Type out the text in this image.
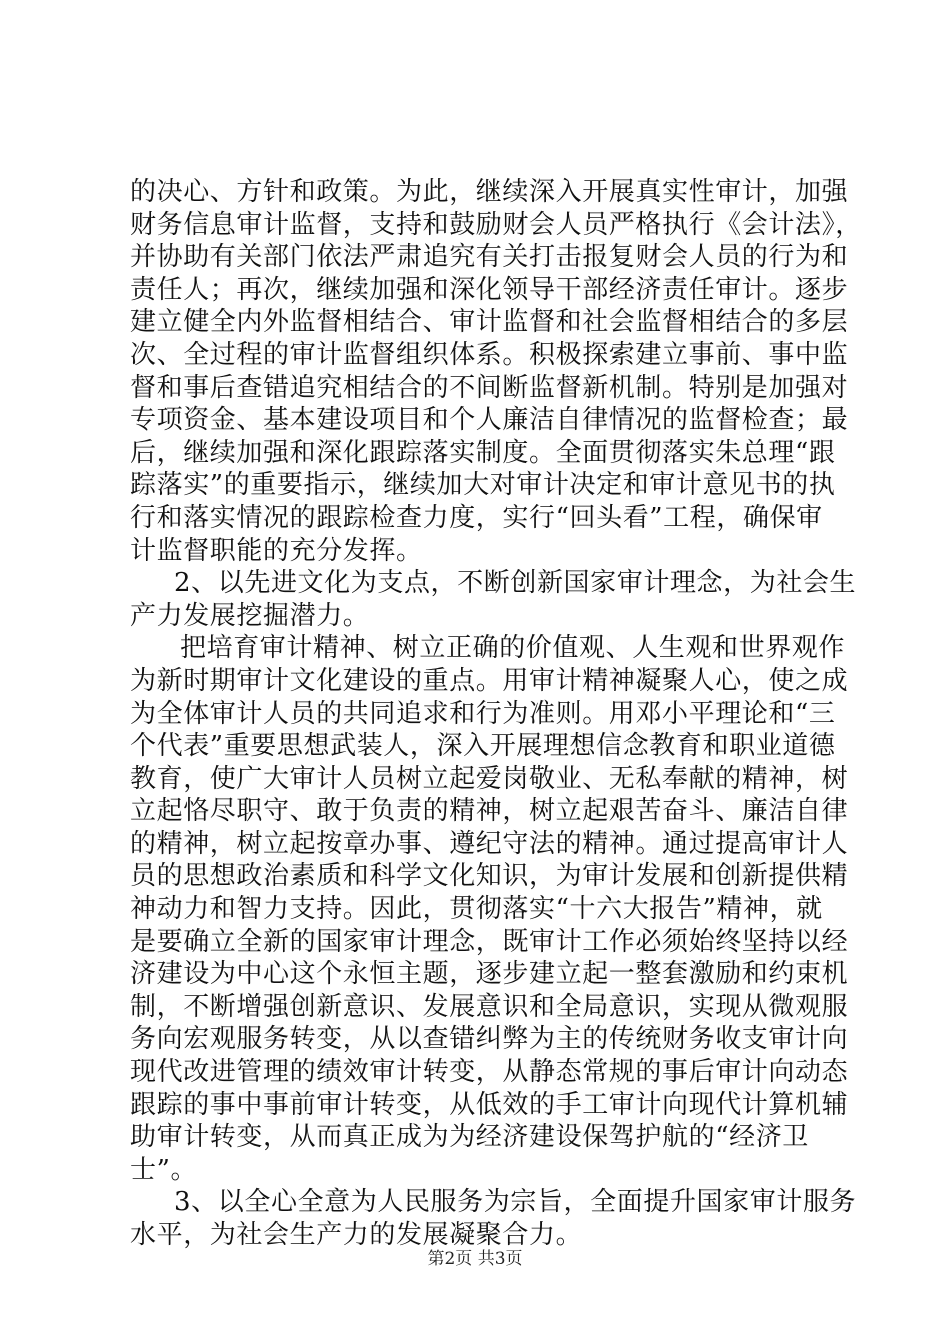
的决心、方针和政策。为此，继续深入开展真实性审计，加强
财务信息审计监督，支持和鼓励财会人员严格执行《会计法》，
并协助有关部门依法严肃追究有关打击报复财会人员的行为和
责任人；再次，继续加强和深化领导干部经济责任审计。逐步
建立健全内外监督相结合、审计监督和社会监督相结合的多层
次、全过程的审计监督组织体系。积极探索建立事前、事中监
督和事后查错追究相结合的不间断监督新机制。特别是加强对
专项资金、基本建设项目和个人廉洁自律情况的监督检查；最
后，继续加强和深化跟踪落实制度。全面贯彻落实朱总理“跟
踪落实”的重要指示，继续加大对审计决定和审计意见书的执
行和落实情况的跟踪检查力度，实行“回头看”工程，确保审
计监督职能的充分发挥。
2、以先进文化为支点，不断创新国家审计理念，为社会生
产力发展挖掘潜力。
把培育审计精神、树立正确的价值观、人生观和世界观作
为新时期审计文化建设的重点。用审计精神凝聚人心，使之成
为全体审计人员的共同追求和行为准则。用邓小平理论和“三
个代表”重要思想武装人，深入开展理想信念教育和职业道德
教育，使广大审计人员树立起爱岗敬业、无私奉献的精神，树
立起恪尽职守、敢于负责的精神，树立起艰苦奋斗、廉洁自律
的精神，树立起按章办事、遵纪守法的精神。通过提高审计人
员的思想政治素质和科学文化知识，为审计发展和创新提供精
神动力和智力支持。因此，贯彻落实“十六大报告”精神，就
是要确立全新的国家审计理念，既审计工作必须始终坚持以经
济建设为中心这个永恒主题，逐步建立起一整套激励和约束机
制，不断增强创新意识、发展意识和全局意识，实现从微观服
务向宏观服务转变，从以查错纠弊为主的传统财务收支审计向
现代改进管理的绩效审计转变，从静态常规的事后审计向动态
跟踪的事中事前审计转变，从低效的手工审计向现代计算机辅
助审计转变，从而真正成为为经济建设保驾护航的“经济卫
士”。
3、以全心全意为人民服务为宗旨，全面提升国家审计服务
水平，为社会生产力的发展凝聚合力。
第2页 共3页
